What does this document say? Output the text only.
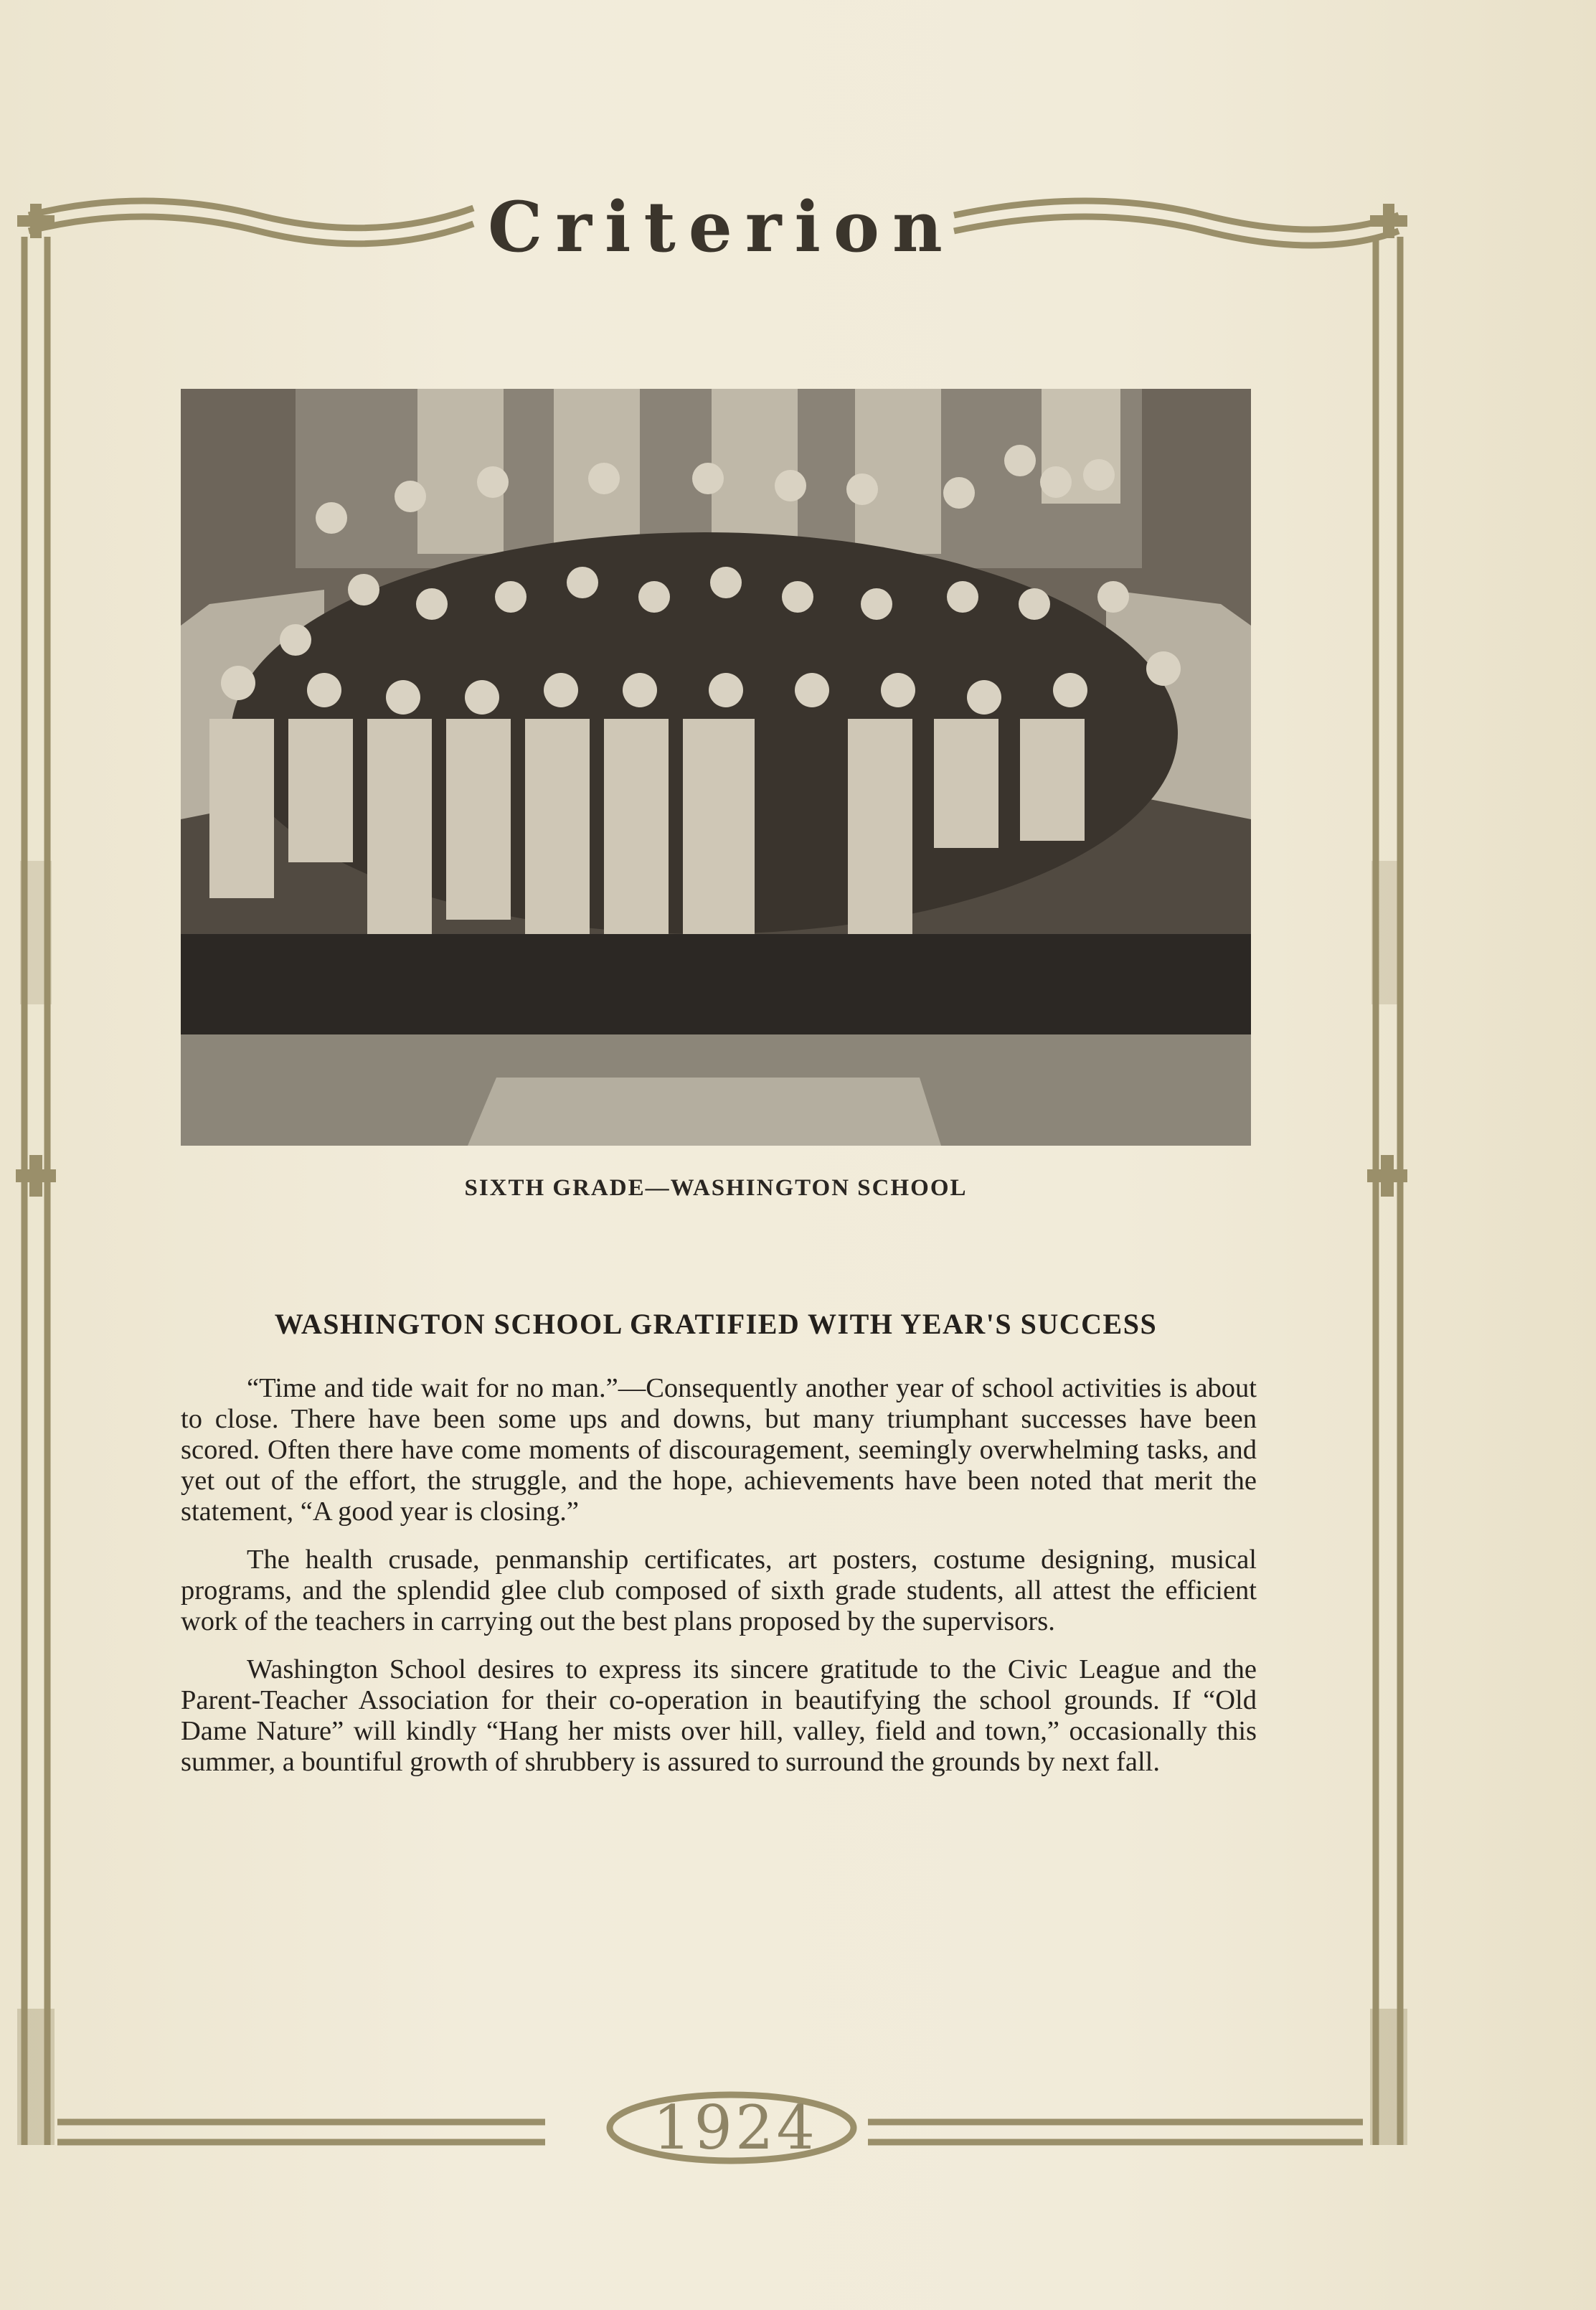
Criterion
SIXTH GRADE—WASHINGTON SCHOOL
WASHINGTON SCHOOL GRATIFIED WITH YEAR'S SUCCESS

“Time and tide wait for no man.”—Consequently another year of school activities is about to close. There have been some ups and downs, but many triumphant successes have been scored. Often there have come moments of discouragement, seemingly overwhelming tasks, and yet out of the effort, the struggle, and the hope, achievements have been noted that merit the statement, “A good year is closing.”

The health crusade, penmanship certificates, art posters, costume designing, musical programs, and the splendid glee club composed of sixth grade students, all attest the efficient work of the teachers in carrying out the best plans proposed by the supervisors.

Washington School desires to express its sincere gratitude to the Civic League and the Parent-Teacher Association for their co-operation in beautifying the school grounds. If “Old Dame Nature” will kindly “Hang her mists over hill, valley, field and town,” occasionally this summer, a bountiful growth of shrubbery is assured to surround the grounds by next fall.

1924
